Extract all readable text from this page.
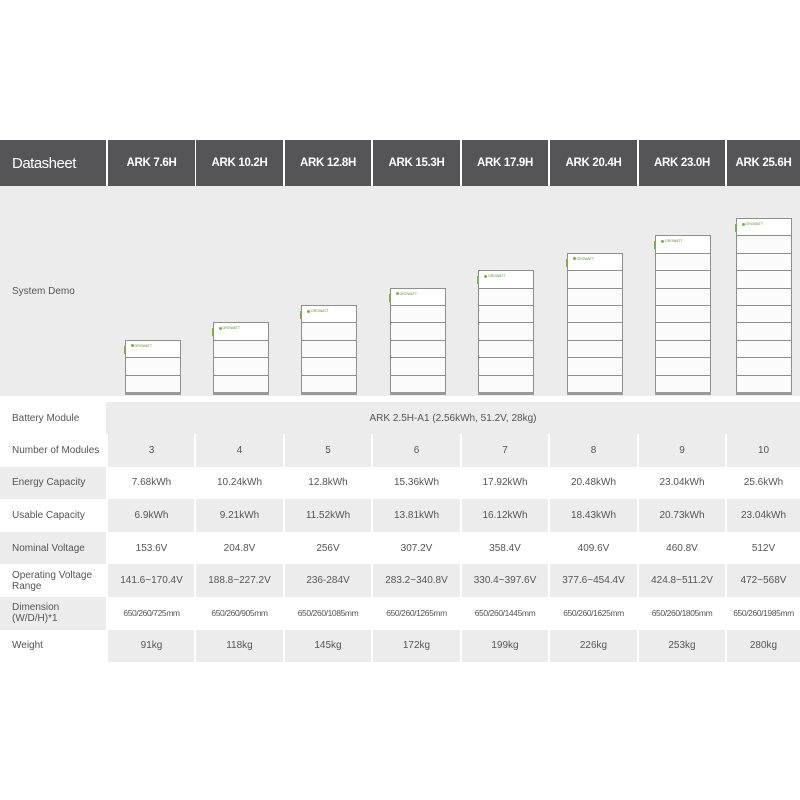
Datasheet	ARK 7.6H	ARK 10.2H	ARK 12.8H	ARK 15.3H	ARK 17.9H	ARK 20.4H	ARK 23.0H	ARK 25.6H
System Demo
GROWATT
GROWATT
GROWATT
GROWATT
GROWATT
GROWATT
GROWATT
GROWATT
Battery Module	ARK 2.5H-A1 (2.56kWh, 51.2V, 28kg)
Number of Modules	3	4	5	6	7	8	9	10
Energy Capacity	7.68kWh	10.24kWh	12.8kWh	15.36kWh	17.92kWh	20.48kWh	23.04kWh	25.6kWh
Usable Capacity	6.9kWh	9.21kWh	11.52kWh	13.81kWh	16.12kWh	18.43kWh	20.73kWh	23.04kWh
Nominal Voltage	153.6V	204.8V	256V	307.2V	358.4V	409.6V	460.8V	512V
Operating Voltage Range	141.6~170.4V	188.8~227.2V	236-284V	283.2~340.8V	330.4~397.6V	377.6~454.4V	424.8~511.2V	472~568V
Dimension (W/D/H)*1	650/260/725mm	650/260/905mm	650/260/1085mm	650/260/1265mm	650/260/1445mm	650/260/1625mm	650/260/1805mm	650/260/1985mm
Weight	91kg	118kg	145kg	172kg	199kg	226kg	253kg	280kg
